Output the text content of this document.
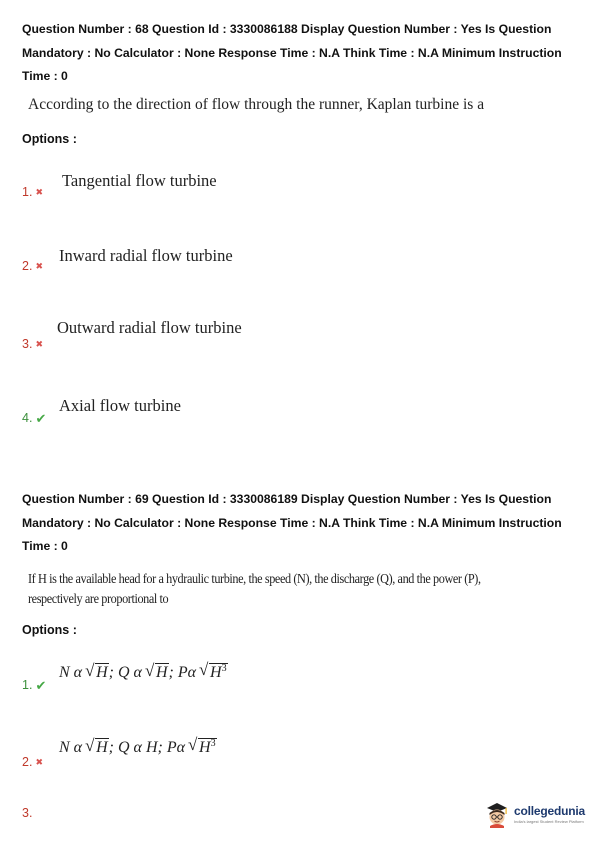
Question Number : 68 Question Id : 3330086188 Display Question Number : Yes Is Question
Mandatory : No Calculator : None Response Time : N.A Think Time : N.A Minimum Instruction
Time : 0
According to the direction of flow through the runner, Kaplan turbine is a
Options :
Tangential flow turbine
1. ✖
Inward radial flow turbine
2. ✖
Outward radial flow turbine
3. ✖
Axial flow turbine
4. ✔
Question Number : 69 Question Id : 3330086189 Display Question Number : Yes Is Question
Mandatory : No Calculator : None Response Time : N.A Think Time : N.A Minimum Instruction
Time : 0
If H is the available head for a hydraulic turbine, the speed (N), the discharge (Q), and the power (P),
respectively are proportional to
Options :
N α √ H; Q α √ H; Pα √ $H^3$
1. ✔
N α √ H; Q α H; Pα √ $H^3$
2. ✖
3.	collegedunia
India's largest Student Review Platform
